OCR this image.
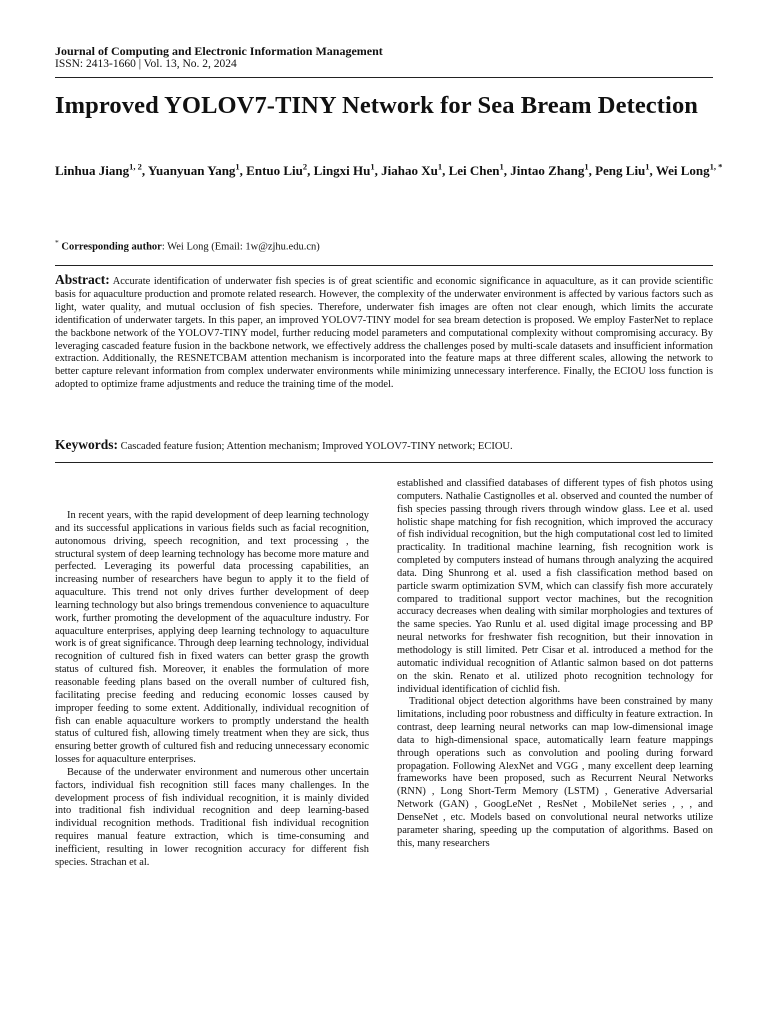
Journal of Computing and Electronic Information Management
ISSN: 2413-1660 | Vol. 13, No. 2, 2024
Improved YOLOV7-TINY Network for Sea Bream Detection
Linhua Jiang$^{1, 2}$, Yuanyuan Yang$^1$, Entuo Liu$^2$, Lingxi Hu$^1$, Jiahao Xu$^1$, Lei Chen$^1$, Jintao Zhang$^1$, Peng Liu$^1$, Wei Long$^{1, *}$
* Corresponding author: Wei Long (Email: 1w@zjhu.edu.cn)
Abstract: Accurate identification of underwater fish species is of great scientific and economic significance in aquaculture, as it can provide scientific basis for aquaculture production and promote related research. However, the complexity of the underwater environment is affected by various factors such as light, water quality, and mutual occlusion of fish species. Therefore, underwater fish images are often not clear enough, which limits the accurate identification of underwater targets. In this paper, an improved YOLOV7-TINY model for sea bream detection is proposed. We employ FasterNet to replace the backbone network of the YOLOV7-TINY model, further reducing model parameters and computational complexity without compromising accuracy. By leveraging cascaded feature fusion in the backbone network, we effectively address the challenges posed by multi-scale datasets and insufficient information extraction. Additionally, the RESNETCBAM attention mechanism is incorporated into the feature maps at three different scales, allowing the network to better capture relevant information from complex underwater environments while minimizing unnecessary interference. Finally, the ECIOU loss function is adopted to optimize frame adjustments and reduce the training time of the model.
Keywords: Cascaded feature fusion; Attention mechanism; Improved YOLOV7-TINY network; ECIOU.

In recent years, with the rapid development of deep learning technology and its successful applications in various fields such as facial recognition, autonomous driving, speech recognition, and text processing , the structural system of deep learning technology has become more mature and perfected. Leveraging its powerful data processing capabilities, an increasing number of researchers have begun to apply it to the field of aquaculture. This trend not only drives further development of deep learning technology but also brings tremendous convenience to aquaculture work, further promoting the development of the aquaculture industry. For aquaculture enterprises, applying deep learning technology to aquaculture work is of great significance. Through deep learning technology, individual recognition of cultured fish in fixed waters can better grasp the growth status of cultured fish. Moreover, it enables the formulation of more reasonable feeding plans based on the overall number of cultured fish, facilitating precise feeding and reducing economic losses caused by improper feeding to some extent. Additionally, individual recognition of fish can enable aquaculture workers to promptly understand the health status of cultured fish, allowing timely treatment when they are sick, thus ensuring better growth of cultured fish and reducing unnecessary economic losses for aquaculture enterprises.

Because of the underwater environment and numerous other uncertain factors, individual fish recognition still faces many challenges. In the development process of fish individual recognition, it is mainly divided into traditional fish individual recognition and deep learning-based individual recognition methods. Traditional fish individual recognition requires manual feature extraction, which is time-consuming and inefficient, resulting in lower recognition accuracy for different fish species. Strachan et al.

established and classified databases of different types of fish photos using computers. Nathalie Castignolles et al. observed and counted the number of fish species passing through rivers through window glass. Lee et al. used holistic shape matching for fish recognition, which improved the accuracy of fish individual recognition, but the high computational cost led to limited practicality. In traditional machine learning, fish recognition work is completed by computers instead of humans through analyzing the acquired data. Ding Shunrong et al. used a fish classification method based on particle swarm optimization SVM, which can classify fish more accurately compared to traditional support vector machines, but the recognition accuracy decreases when dealing with similar morphologies and textures of the same species. Yao Runlu et al. used digital image processing and BP neural networks for freshwater fish recognition, but their innovation in methodology is still limited. Petr Cisar et al. introduced a method for the automatic individual recognition of Atlantic salmon based on dot patterns on the skin. Renato et al. utilized photo recognition technology for individual identification of cichlid fish.

Traditional object detection algorithms have been constrained by many limitations, including poor robustness and difficulty in feature extraction. In contrast, deep learning neural networks can map low-dimensional image data to high-dimensional space, automatically learn feature mappings through operations such as convolution and pooling during forward propagation. Following AlexNet and VGG , many excellent deep learning frameworks have been proposed, such as Recurrent Neural Networks (RNN) , Long Short-Term Memory (LSTM) , Generative Adversarial Network (GAN) , GoogLeNet , ResNet , MobileNet series , , , and DenseNet , etc. Models based on convolutional neural networks utilize parameter sharing, speeding up the computation of algorithms. Based on this, many researchers
